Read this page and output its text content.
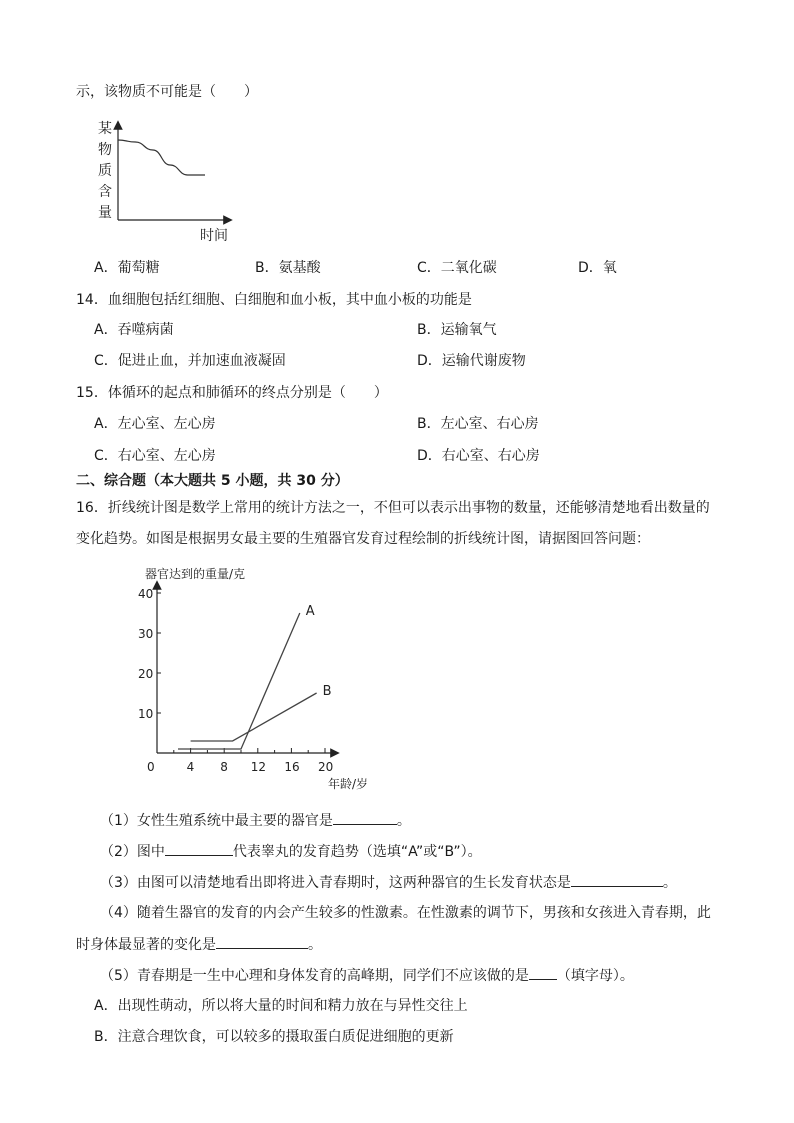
示，该物质不可能是（　　）
某
物
质
含
量
时间
A．葡萄糖	B．氨基酸	C．二氧化碳	D．氧
14．血细胞包括红细胞、白细胞和血小板，其中血小板的功能是
A．吞噬病菌	B．运输氧气
C．促进止血，并加速血液凝固	D．运输代谢废物
15．体循环的起点和肺循环的终点分别是（　　）
A．左心室、左心房	B．左心室、右心房
C．右心室、左心房	D．右心室、右心房
二、综合题（本大题共 5 小题，共 30 分）
16．折线统计图是数学上常用的统计方法之一，不但可以表示出事物的数量，还能够清楚地看出数量的
变化趋势。如图是根据男女最主要的生殖器官发育过程绘制的折线统计图，请据图回答问题：
器官达到的重量/克
0	4 8 12 16 20
10
20
30
40
年龄/岁
A
B
（1）女性生殖系统中最主要的器官是	。
（2）图中	代表睾丸的发育趋势（选填“A”或“B”）。
（3）由图可以清楚地看出即将进入青春期时，这两种器官的生长发育状态是	。
（4）随着生器官的发育的内会产生较多的性激素。在性激素的调节下，男孩和女孩进入青春期，此
时身体最显著的变化是	。
（5）青春期是一生中心理和身体发育的高峰期，同学们不应该做的是 （填字母）。
A．出现性萌动，所以将大量的时间和精力放在与异性交往上
B．注意合理饮食，可以较多的摄取蛋白质促进细胞的更新
